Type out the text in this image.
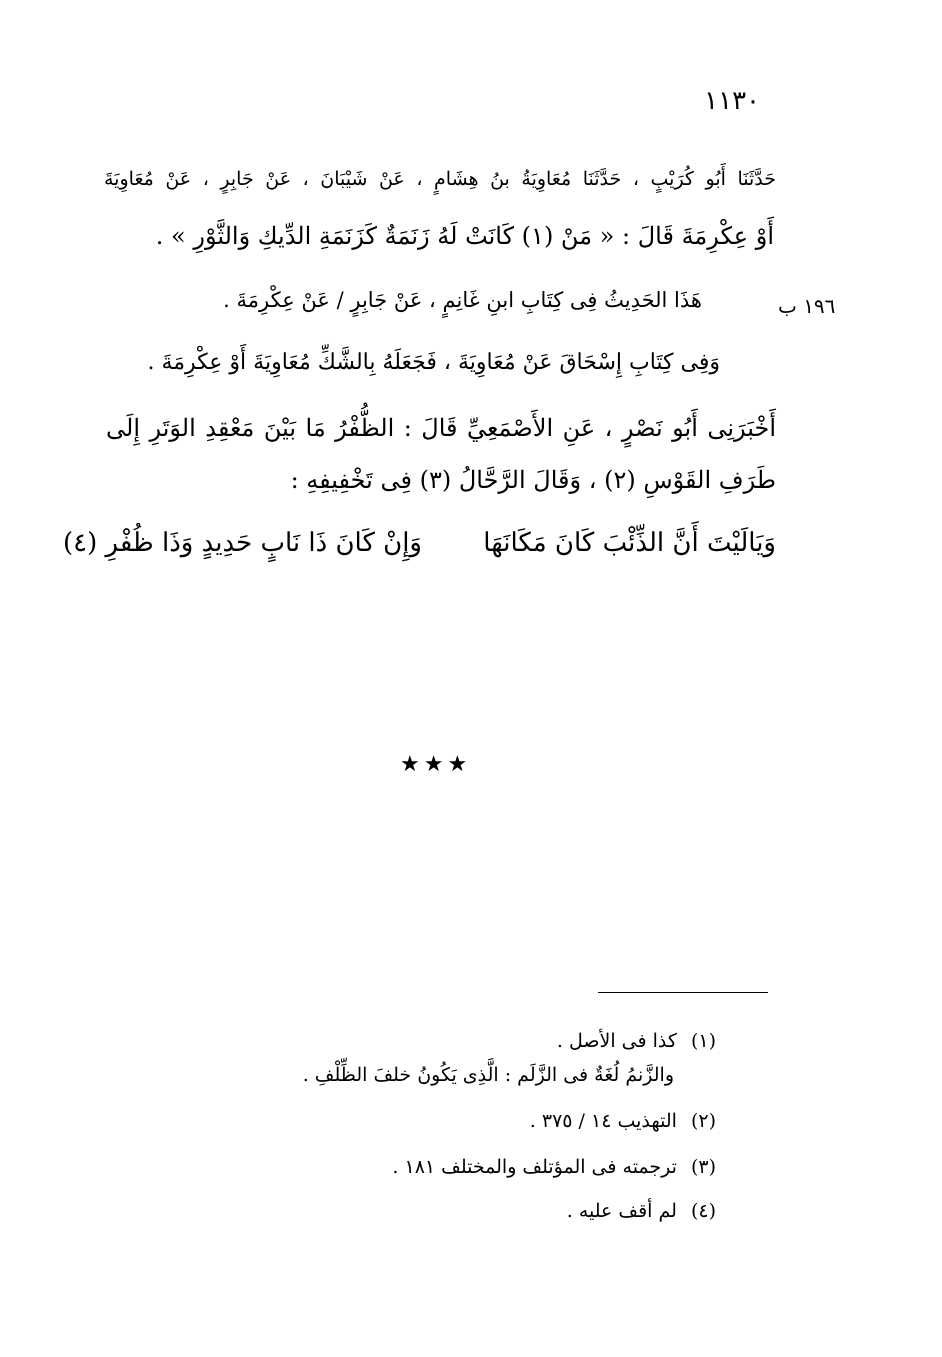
١١٣٠
حَدَّثَنَا أَبُو كُرَيْبٍ ، حَدَّثَنَا مُعَاوِيَةُ بنُ هِشَامٍ ، عَنْ شَيْبَانَ ، عَنْ جَابِرٍ ، عَنْ مُعَاوِيَةَ
أَوْ عِكْرِمَةَ قَالَ : « مَنْ (١) كَانَتْ لَهُ زَنَمَةٌ كَزَنَمَةِ الدِّيكِ وَالثَّوْرِ » .
١٩٦ ب
هَذَا الحَدِيثُ فِى كِتَابِ ابنِ غَانِمٍ ، عَنْ جَابِرٍ / عَنْ عِكْرِمَةَ .
وَفِى كِتَابِ إِسْحَاقَ عَنْ مُعَاوِيَةَ ، فَجَعَلَهُ بِالشَّكِّ مُعَاوِيَةَ أَوْ عِكْرِمَةَ .
أَخْبَرَنِى أَبُو نَصْرٍ ، عَنِ الأَصْمَعِيِّ قَالَ : الظُّفْرُ مَا بَيْنَ مَعْقِدِ الوَتَرِ إِلَى
طَرَفِ القَوْسِ (٢) ، وَقَالَ الرَّحَّالُ (٣) فِى تَخْفِيفِهِ :
وَيَالَيْتَ أَنَّ الذِّئْبَ كَانَ مَكَانَهَا
وَإِنْ كَانَ ذَا نَابٍ حَدِيدٍ وَذَا ظُفْرِ (٤)
★★★
(١)كذا فى الأصل .
والزَّنمُ لُغَةٌ فى الزَّلَم : الَّذِى يَكُونُ خلفَ الظِّلْفِ .
(٢)التهذيب ١٤ / ٣٧٥ .
(٣)ترجمته فى المؤتلف والمختلف ١٨١ .
(٤)لم أقف عليه .
